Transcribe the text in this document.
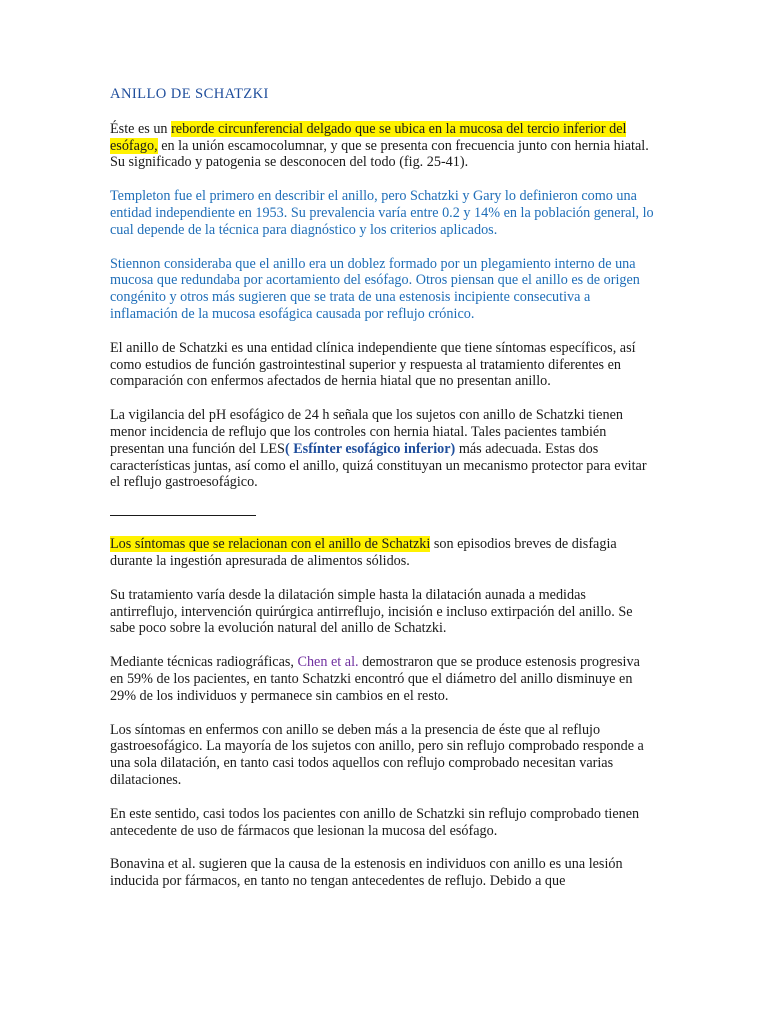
ANILLO DE SCHATZKI

Éste es un reborde circunferencial delgado que se ubica en la mucosa del tercio inferior del esófago, en la unión escamocolumnar, y que se presenta con frecuencia junto con hernia hiatal. Su significado y patogenia se desconocen del todo (fig. 25-41).

Templeton fue el primero en describir el anillo, pero Schatzki y Gary lo definieron como una entidad independiente en 1953. Su prevalencia varía entre 0.2 y 14% en la población general, lo cual depende de la técnica para diagnóstico y los criterios aplicados.

Stiennon consideraba que el anillo era un doblez formado por un plegamiento interno de una mucosa que redundaba por acortamiento del esófago. Otros piensan que el anillo es de origen congénito y otros más sugieren que se trata de una estenosis incipiente consecutiva a inflamación de la mucosa esofágica causada por reflujo crónico.

El anillo de Schatzki es una entidad clínica independiente que tiene síntomas específicos, así como estudios de función gastrointestinal superior y respuesta al tratamiento diferentes en comparación con enfermos afectados de hernia hiatal que no presentan anillo.

La vigilancia del pH esofágico de 24 h señala que los sujetos con anillo de Schatzki tienen menor incidencia de reflujo que los controles con hernia hiatal. Tales pacientes también presentan una función del LES( Esfínter esofágico inferior) más adecuada. Estas dos características juntas, así como el anillo, quizá constituyan un mecanismo protector para evitar el reflujo gastroesofágico.

Los síntomas que se relacionan con el anillo de Schatzki son episodios breves de disfagia durante la ingestión apresurada de alimentos sólidos.

Su tratamiento varía desde la dilatación simple hasta la dilatación aunada a medidas antirreflujo, intervención quirúrgica antirreflujo, incisión e incluso extirpación del anillo. Se sabe poco sobre la evolución natural del anillo de Schatzki.

Mediante técnicas radiográficas, Chen et al. demostraron que se produce estenosis progresiva en 59% de los pacientes, en tanto Schatzki encontró que el diámetro del anillo disminuye en 29% de los individuos y permanece sin cambios en el resto.

Los síntomas en enfermos con anillo se deben más a la presencia de éste que al reflujo gastroesofágico. La mayoría de los sujetos con anillo, pero sin reflujo comprobado responde a una sola dilatación, en tanto casi todos aquellos con reflujo comprobado necesitan varias dilataciones.

En este sentido, casi todos los pacientes con anillo de Schatzki sin reflujo comprobado tienen antecedente de uso de fármacos que lesionan la mucosa del esófago.

Bonavina et al. sugieren que la causa de la estenosis en individuos con anillo es una lesión inducida por fármacos, en tanto no tengan antecedentes de reflujo. Debido a que
